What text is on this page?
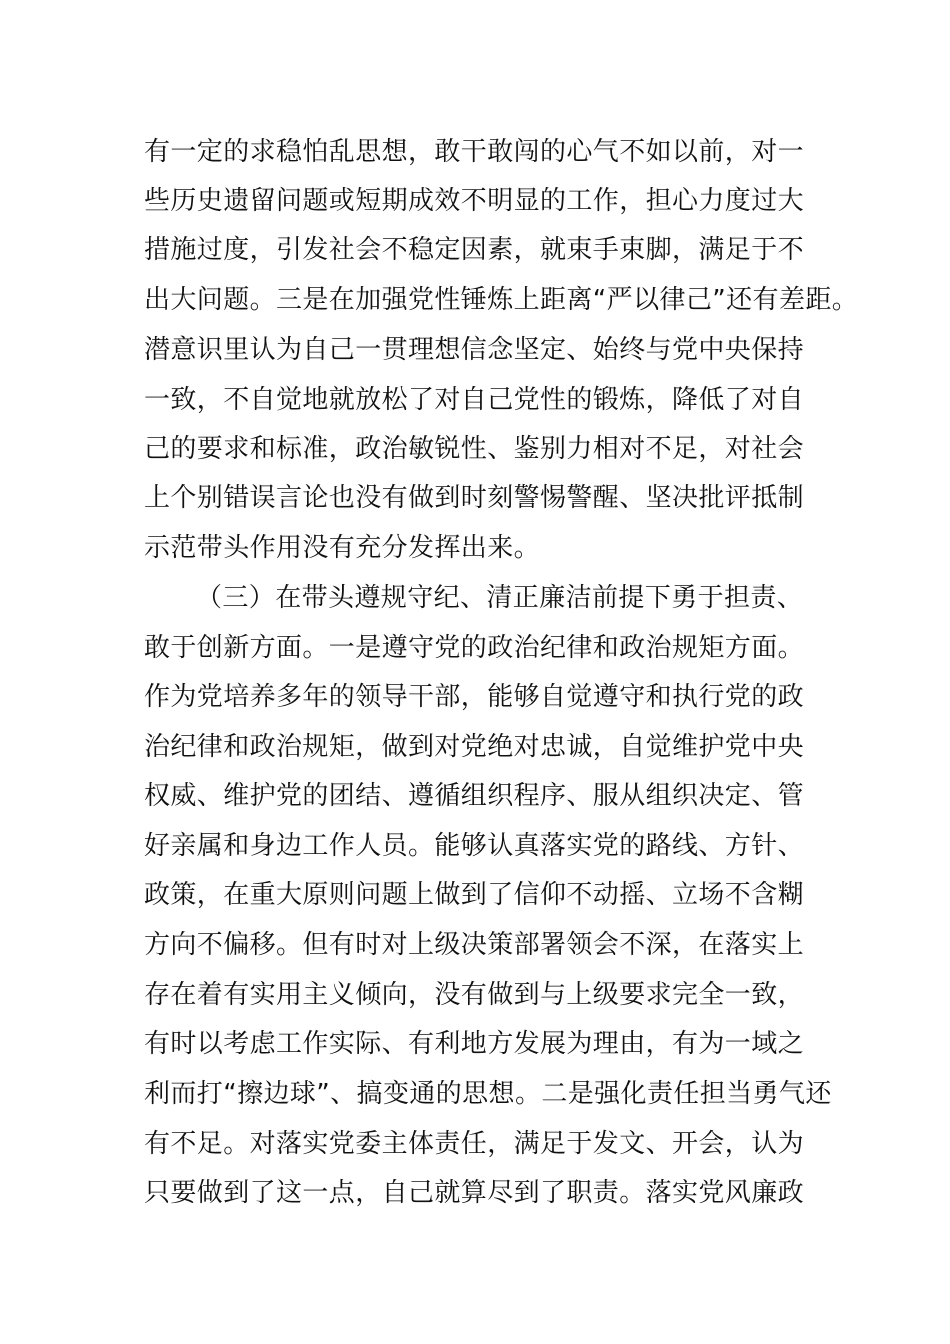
有一定的求稳怕乱思想，敢干敢闯的心气不如以前，对一
些历史遗留问题或短期成效不明显的工作，担心力度过大
措施过度，引发社会不稳定因素，就束手束脚，满足于不
出大问题。三是在加强党性锤炼上距离“严以律己”还有差距。
潜意识里认为自己一贯理想信念坚定、始终与党中央保持
一致，不自觉地就放松了对自己党性的锻炼，降低了对自
己的要求和标准，政治敏锐性、鉴别力相对不足，对社会
上个别错误言论也没有做到时刻警惕警醒、坚决批评抵制
示范带头作用没有充分发挥出来。
（三）在带头遵规守纪、清正廉洁前提下勇于担责、
敢于创新方面。一是遵守党的政治纪律和政治规矩方面。
作为党培养多年的领导干部，能够自觉遵守和执行党的政
治纪律和政治规矩，做到对党绝对忠诚，自觉维护党中央
权威、维护党的团结、遵循组织程序、服从组织决定、管
好亲属和身边工作人员。能够认真落实党的路线、方针、
政策，在重大原则问题上做到了信仰不动摇、立场不含糊
方向不偏移。但有时对上级决策部署领会不深，在落实上
存在着有实用主义倾向，没有做到与上级要求完全一致，
有时以考虑工作实际、有利地方发展为理由，有为一域之
利而打“擦边球”、搞变通的思想。二是强化责任担当勇气还
有不足。对落实党委主体责任，满足于发文、开会，认为
只要做到了这一点，自己就算尽到了职责。落实党风廉政
